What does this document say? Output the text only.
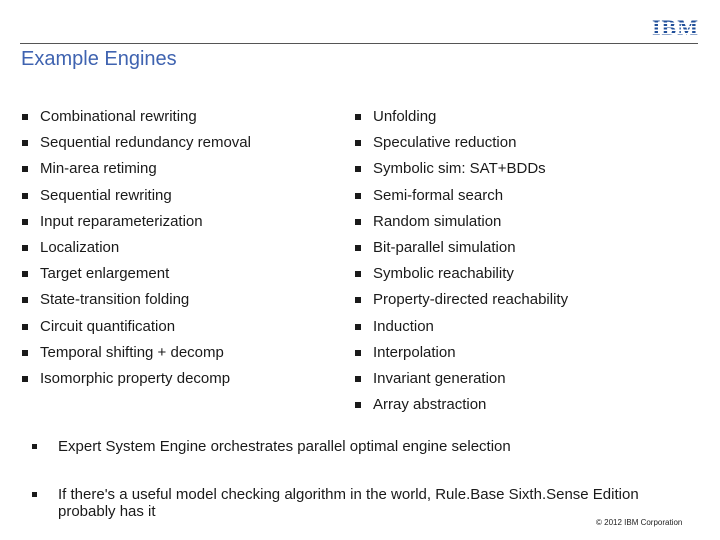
IBM
Example Engines
Combinational rewriting
Sequential redundancy removal
Min-area retiming
Sequential rewriting
Input reparameterization
Localization
Target enlargement
State-transition folding
Circuit quantification
Temporal shifting + decomp
Isomorphic property decomp
Unfolding
Speculative reduction
Symbolic sim: SAT+BDDs
Semi-formal search
Random simulation
Bit-parallel simulation
Symbolic reachability
Property-directed reachability
Induction
Interpolation
Invariant generation
Array abstraction
Expert System Engine orchestrates parallel optimal engine selection
If there's a useful model checking algorithm in the world, Rule.Base Sixth.Sense Edition probably has it
© 2012 IBM Corporation
